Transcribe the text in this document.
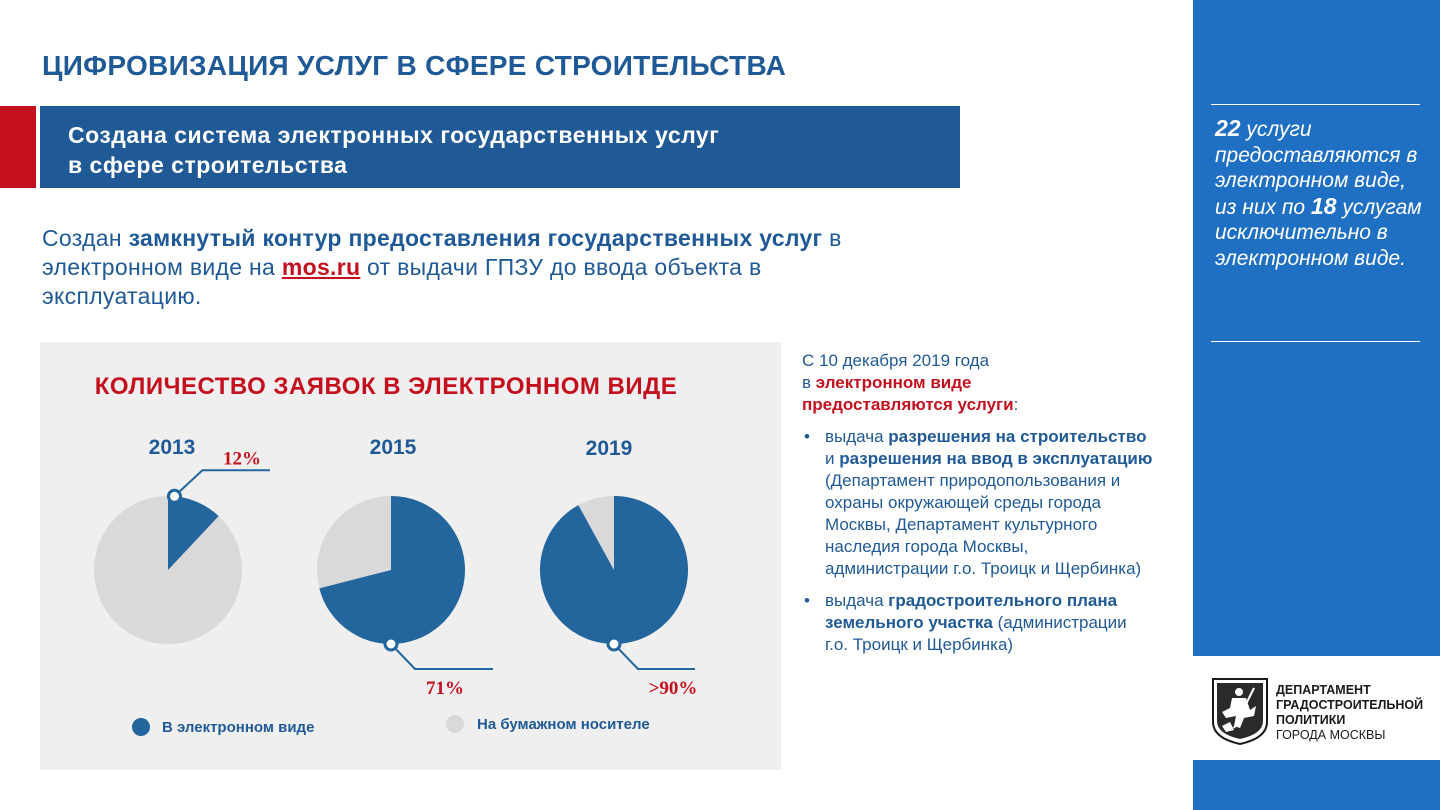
ЦИФРОВИЗАЦИЯ УСЛУГ В СФЕРЕ СТРОИТЕЛЬСТВА
Создана система электронных государственных услуг
в сфере строительства
Создан замкнутый контур предоставления государственных услуг в электронном виде на mos.ru от выдачи ГПЗУ до ввода объекта в эксплуатацию.
КОЛИЧЕСТВО ЗАЯВОК В ЭЛЕКТРОННОМ ВИДЕ
2013 12%	2015
71%
2019
>90%
В электронном виде	На бумажном носителе
С 10 декабря 2019 года
в электронном виде
предоставляются услуги:
• выдача разрешения на строительство и разрешения на ввод в эксплуатацию (Департамент природопользования и охраны окружающей среды города Москвы, Департамент культурного наследия города Москвы, администрации г.о. Троицк и Щербинка)
• выдача градостроительного плана земельного участка (администрации г.о. Троицк и Щербинка)
22 услуги предоставляются в электронном виде, из них по 18 услугам исключительно в электронном виде.
ДЕПАРТАМЕНТ
ГРАДОСТРОИТЕЛЬНОЙ
ПОЛИТИКИ
ГОРОДА МОСКВЫ
